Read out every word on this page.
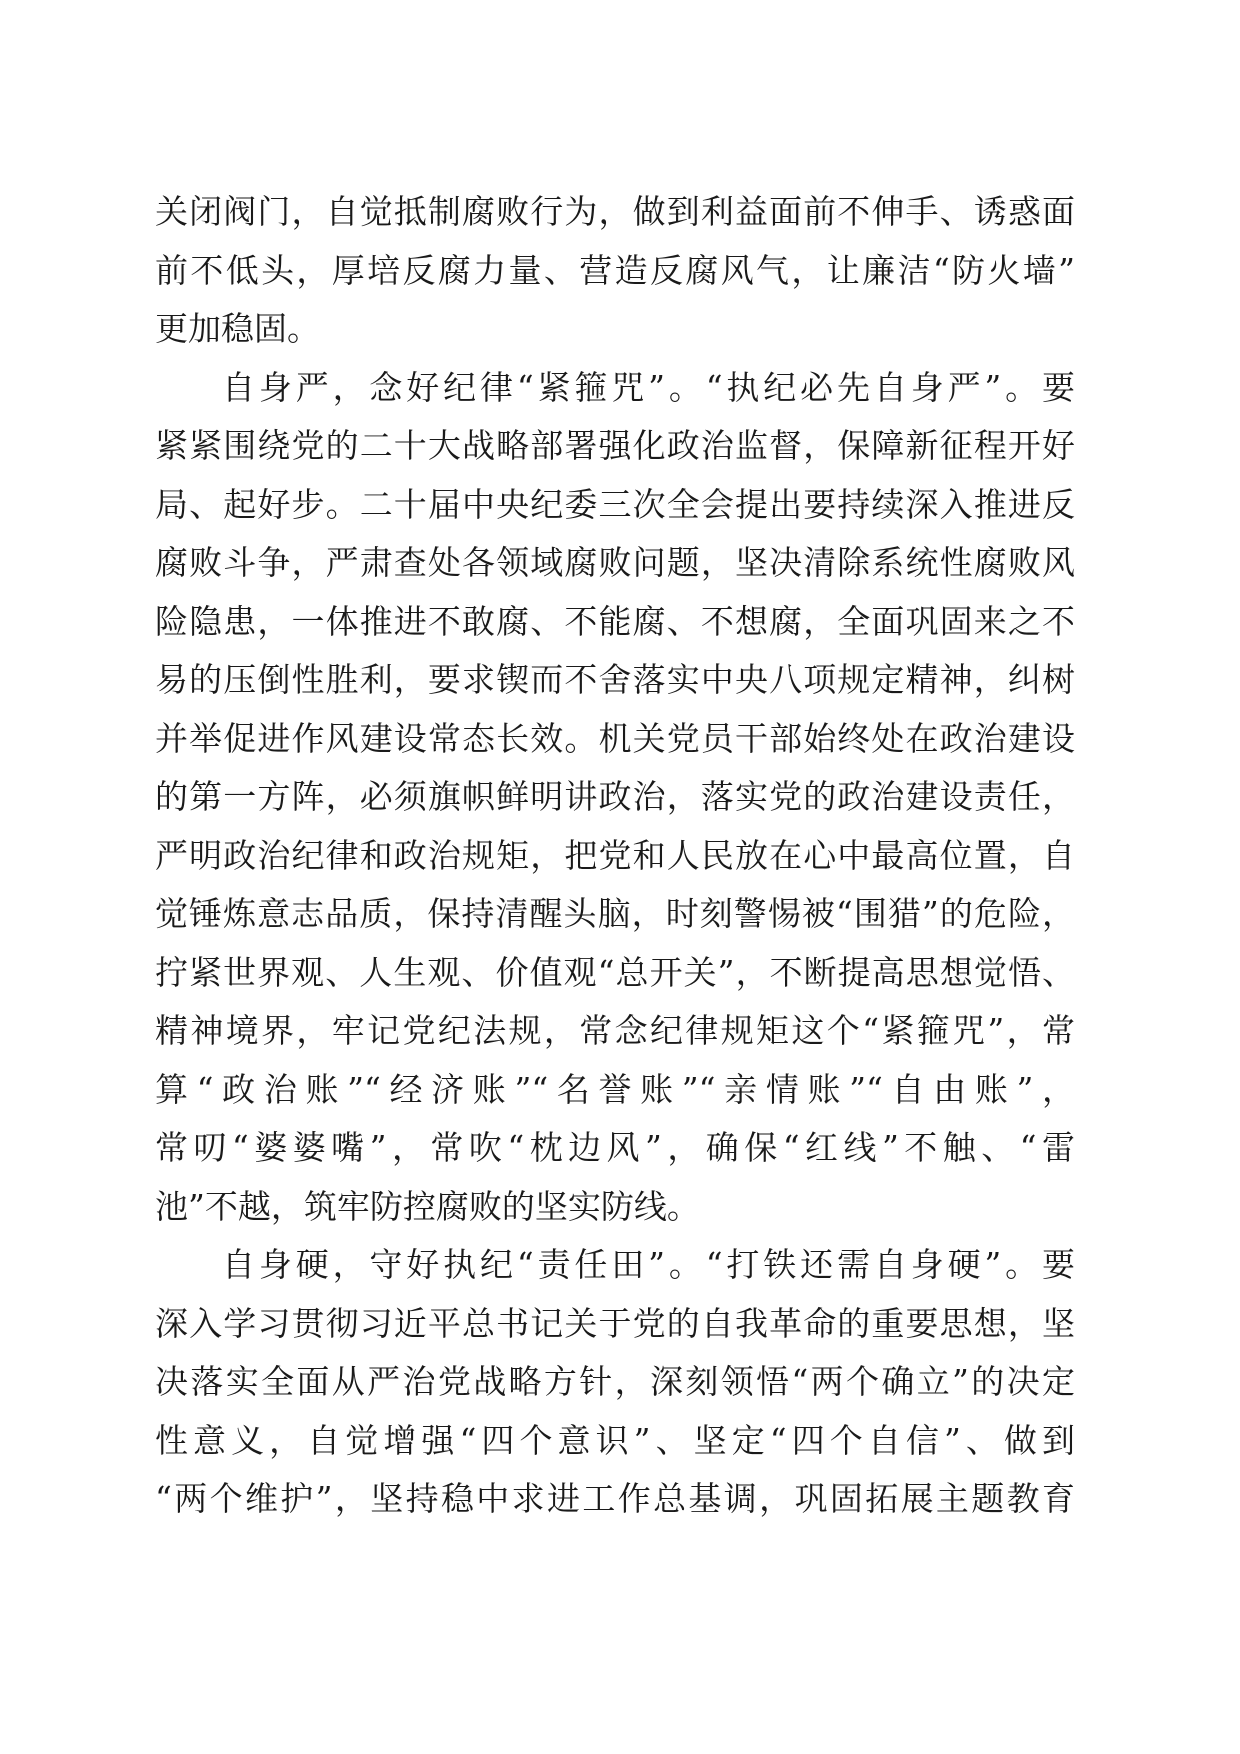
关闭阀门，自觉抵制腐败行为，做到利益面前不伸手、诱惑面
前不低头，厚培反腐力量、营造反腐风气，让廉洁“防火墙”
更加稳固。
自身严，念好纪律“紧箍咒”。“执纪必先自身严”。要
紧紧围绕党的二十大战略部署强化政治监督，保障新征程开好
局、起好步。二十届中央纪委三次全会提出要持续深入推进反
腐败斗争，严肃查处各领域腐败问题，坚决清除系统性腐败风
险隐患，一体推进不敢腐、不能腐、不想腐，全面巩固来之不
易的压倒性胜利，要求锲而不舍落实中央八项规定精神，纠树
并举促进作风建设常态长效。机关党员干部始终处在政治建设
的第一方阵，必须旗帜鲜明讲政治，落实党的政治建设责任，
严明政治纪律和政治规矩，把党和人民放在心中最高位置，自
觉锤炼意志品质，保持清醒头脑，时刻警惕被“围猎”的危险，
拧紧世界观、人生观、价值观“总开关”，不断提高思想觉悟、
精神境界，牢记党纪法规，常念纪律规矩这个“紧箍咒”，常
算“政治账”“经济账”“名誉账”“亲情账”“自由账”，
常叨“婆婆嘴”，常吹“枕边风”，确保“红线”不触、“雷
池”不越，筑牢防控腐败的坚实防线。
自身硬，守好执纪“责任田”。“打铁还需自身硬”。要
深入学习贯彻习近平总书记关于党的自我革命的重要思想，坚
决落实全面从严治党战略方针，深刻领悟“两个确立”的决定
性意义，自觉增强“四个意识”、坚定“四个自信”、做到
“两个维护”，坚持稳中求进工作总基调，巩固拓展主题教育
